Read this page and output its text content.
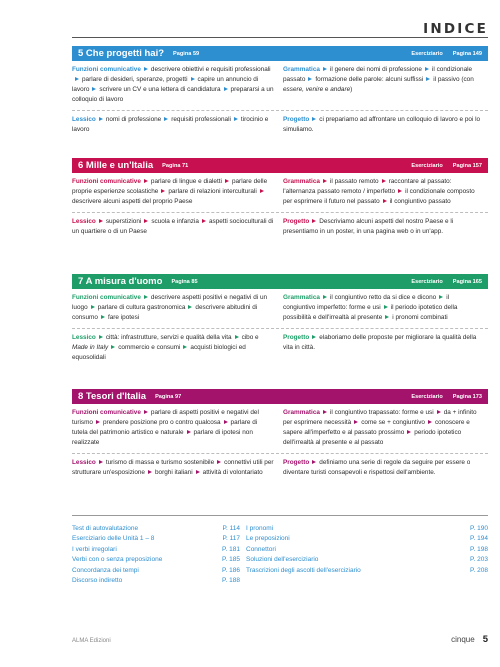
INDICE
5 Che progetti hai? Pagina 59	Eserciziario Pagina 149
Funzioni comunicative descrivere obiettivi e requisiti professionaliparlare di desideri, speranze, progetti capire un annuncio di lavoro scrivere un CV e una lettera di candidatura prepararsi a un colloquio di lavoro
Grammatica il genere dei nomi di professione il condizionale passato formazione delle parole: alcuni suffissi il passivo (con essere, venire e andare)
Lessico nomi di professione requisiti professionali tirocinio e lavoro
Progetto ci prepariamo ad affrontare un colloquio di lavoro e poi lo simuliamo.
6 Mille e un'Italia Pagina 71	Eserciziario Pagina 157
Funzioni comunicative parlare di lingue e dialetti parlare delle proprie esperienze scolastiche parlare di relazioni interculturalidescrivere alcuni aspetti del proprio Paese
Grammatica il passato remoto raccontare al passato: l'alternanza passato remoto / imperfetto il condizionale composto per esprimere il futuro nel passato il congiuntivo passato
Lessico superstizioni scuola e infanzia aspetti socioculturali di un quartiere o di un Paese
Progetto Descriviamo alcuni aspetti del nostro Paese e li presentiamo in un poster, in una pagina web o in un'app.
7 A misura d'uomo Pagina 85	Eserciziario Pagina 165
Funzioni comunicative descrivere aspetti positivi e negativi di un luogo parlare di cultura gastronomica descrivere abitudini di consumo fare ipotesi
Grammatica il congiuntivo retto da si dice e dicono il congiuntivo imperfetto: forme e usi il periodo ipotetico della possibilità e dell'irrealtà al presente i pronomi combinati
Lessico città: infrastrutture, servizi e qualità della vita cibo e Made in Italy commercio e consumi acquisti biologici ed equosolidali
Progetto elaboriamo delle proposte per migliorare la qualità della vita in città.
8 Tesori d'Italia Pagina 97	Eserciziario Pagina 173
Funzioni comunicative parlare di aspetti positivi e negativi del turismo prendere posizione pro o contro qualcosa parlare di tutela del patrimonio artistico e naturale parlare di ipotesi non realizzate
Grammatica il congiuntivo trapassato: forme e usi da + infinito per esprimere necessità come se + congiuntivo conoscere e sapere all'imperfetto e al passato prossimo periodo ipotetico dell'irrealtà al presente e al passato
Lessico turismo di massa e turismo sostenibile connettivi utili per strutturare un'esposizione borghi italiani attività di volontariato
Progetto definiamo una serie di regole da seguire per essere o diventare turisti consapevoli e rispettosi dell'ambiente.
Test di autovalutazione	P. 114
Eserciziario delle Unità 1 – 8	P. 117
I verbi irregolari	P. 181
Verbi con o senza preposizione	P. 185
Concordanza dei tempi	P. 186
Discorso indiretto	P. 188
I pronomi	P. 190
Le preposizioni	P. 194
Connettori	P. 198
Soluzioni dell'eserciziario	P. 203
Trascrizioni degli ascolti dell'eserciziario	P. 208
ALMA Edizioni	cinque 5
